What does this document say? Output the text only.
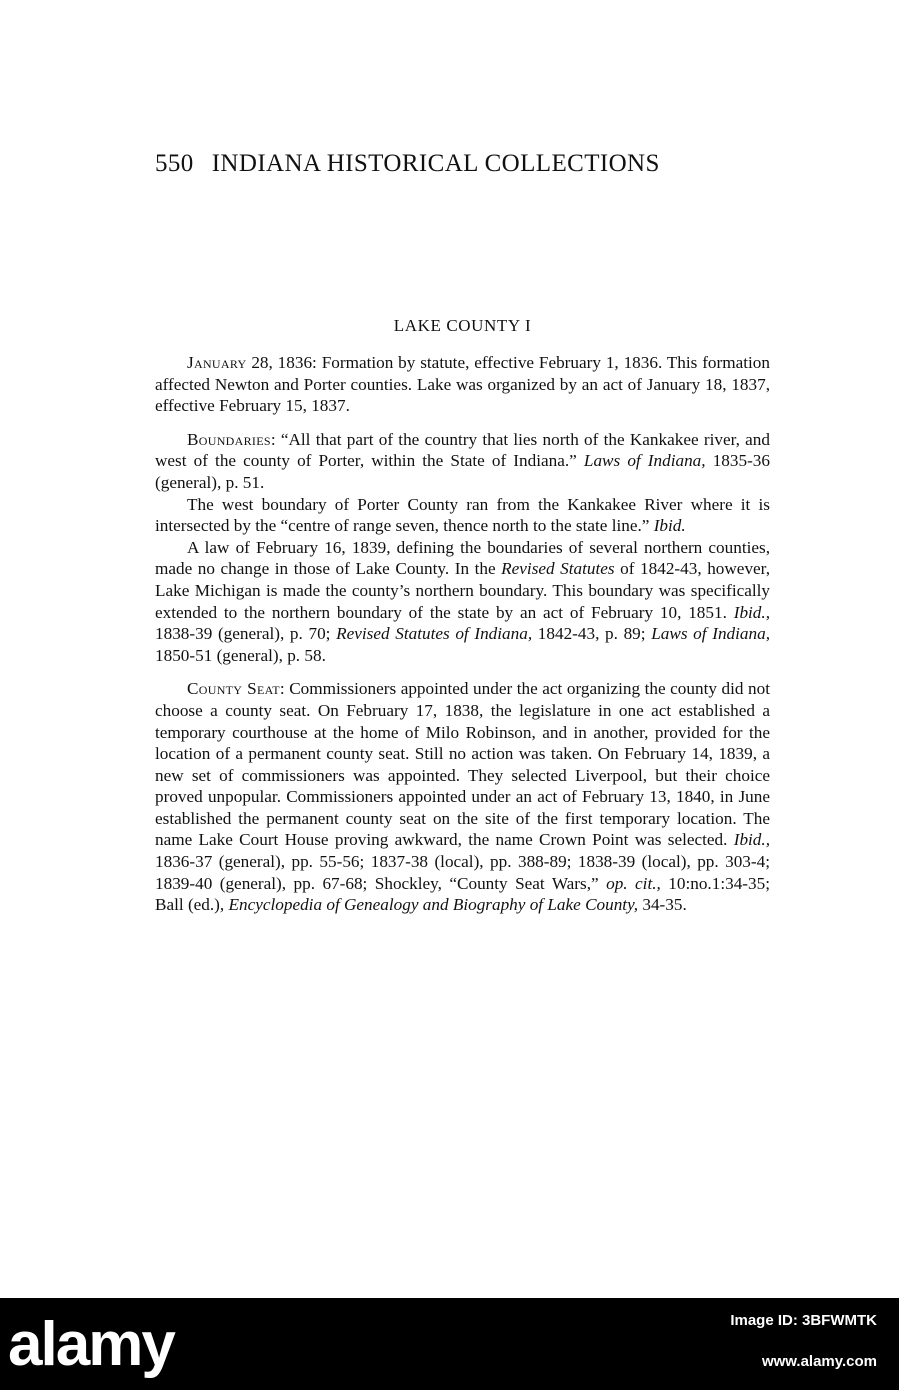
550 INDIANA HISTORICAL COLLECTIONS
LAKE COUNTY I

January 28, 1836: Formation by statute, effective February 1, 1836. This formation affected Newton and Porter counties. Lake was organized by an act of January 18, 1837, effective February 15, 1837.

Boundaries: “All that part of the country that lies north of the Kankakee river, and west of the county of Porter, within the State of Indiana.” Laws of Indiana, 1835-36 (general), p. 51.

The west boundary of Porter County ran from the Kankakee River where it is intersected by the “centre of range seven, thence north to the state line.” Ibid.

A law of February 16, 1839, defining the boundaries of several northern counties, made no change in those of Lake County. In the Revised Statutes of 1842-43, however, Lake Michigan is made the county’s northern boundary. This boundary was specifically extended to the northern boundary of the state by an act of February 10, 1851. Ibid., 1838-39 (general), p. 70; Revised Statutes of Indiana, 1842-43, p. 89; Laws of Indiana, 1850-51 (general), p. 58.

County Seat: Commissioners appointed under the act organizing the county did not choose a county seat. On February 17, 1838, the legislature in one act established a temporary courthouse at the home of Milo Robinson, and in another, provided for the location of a permanent county seat. Still no action was taken. On February 14, 1839, a new set of commissioners was appointed. They selected Liverpool, but their choice proved unpopular. Commissioners appointed under an act of February 13, 1840, in June established the permanent county seat on the site of the first temporary location. The name Lake Court House proving awkward, the name Crown Point was selected. Ibid., 1836-37 (general), pp. 55-56; 1837-38 (local), pp. 388-89; 1838-39 (local), pp. 303-4; 1839-40 (general), pp. 67-68; Shockley, “County Seat Wars,” op. cit., 10:no.1:34-35; Ball (ed.), Encyclopedia of Genealogy and Biography of Lake County, 34-35.

alamy	Image ID: 3BFWMTK
www.alamy.com
